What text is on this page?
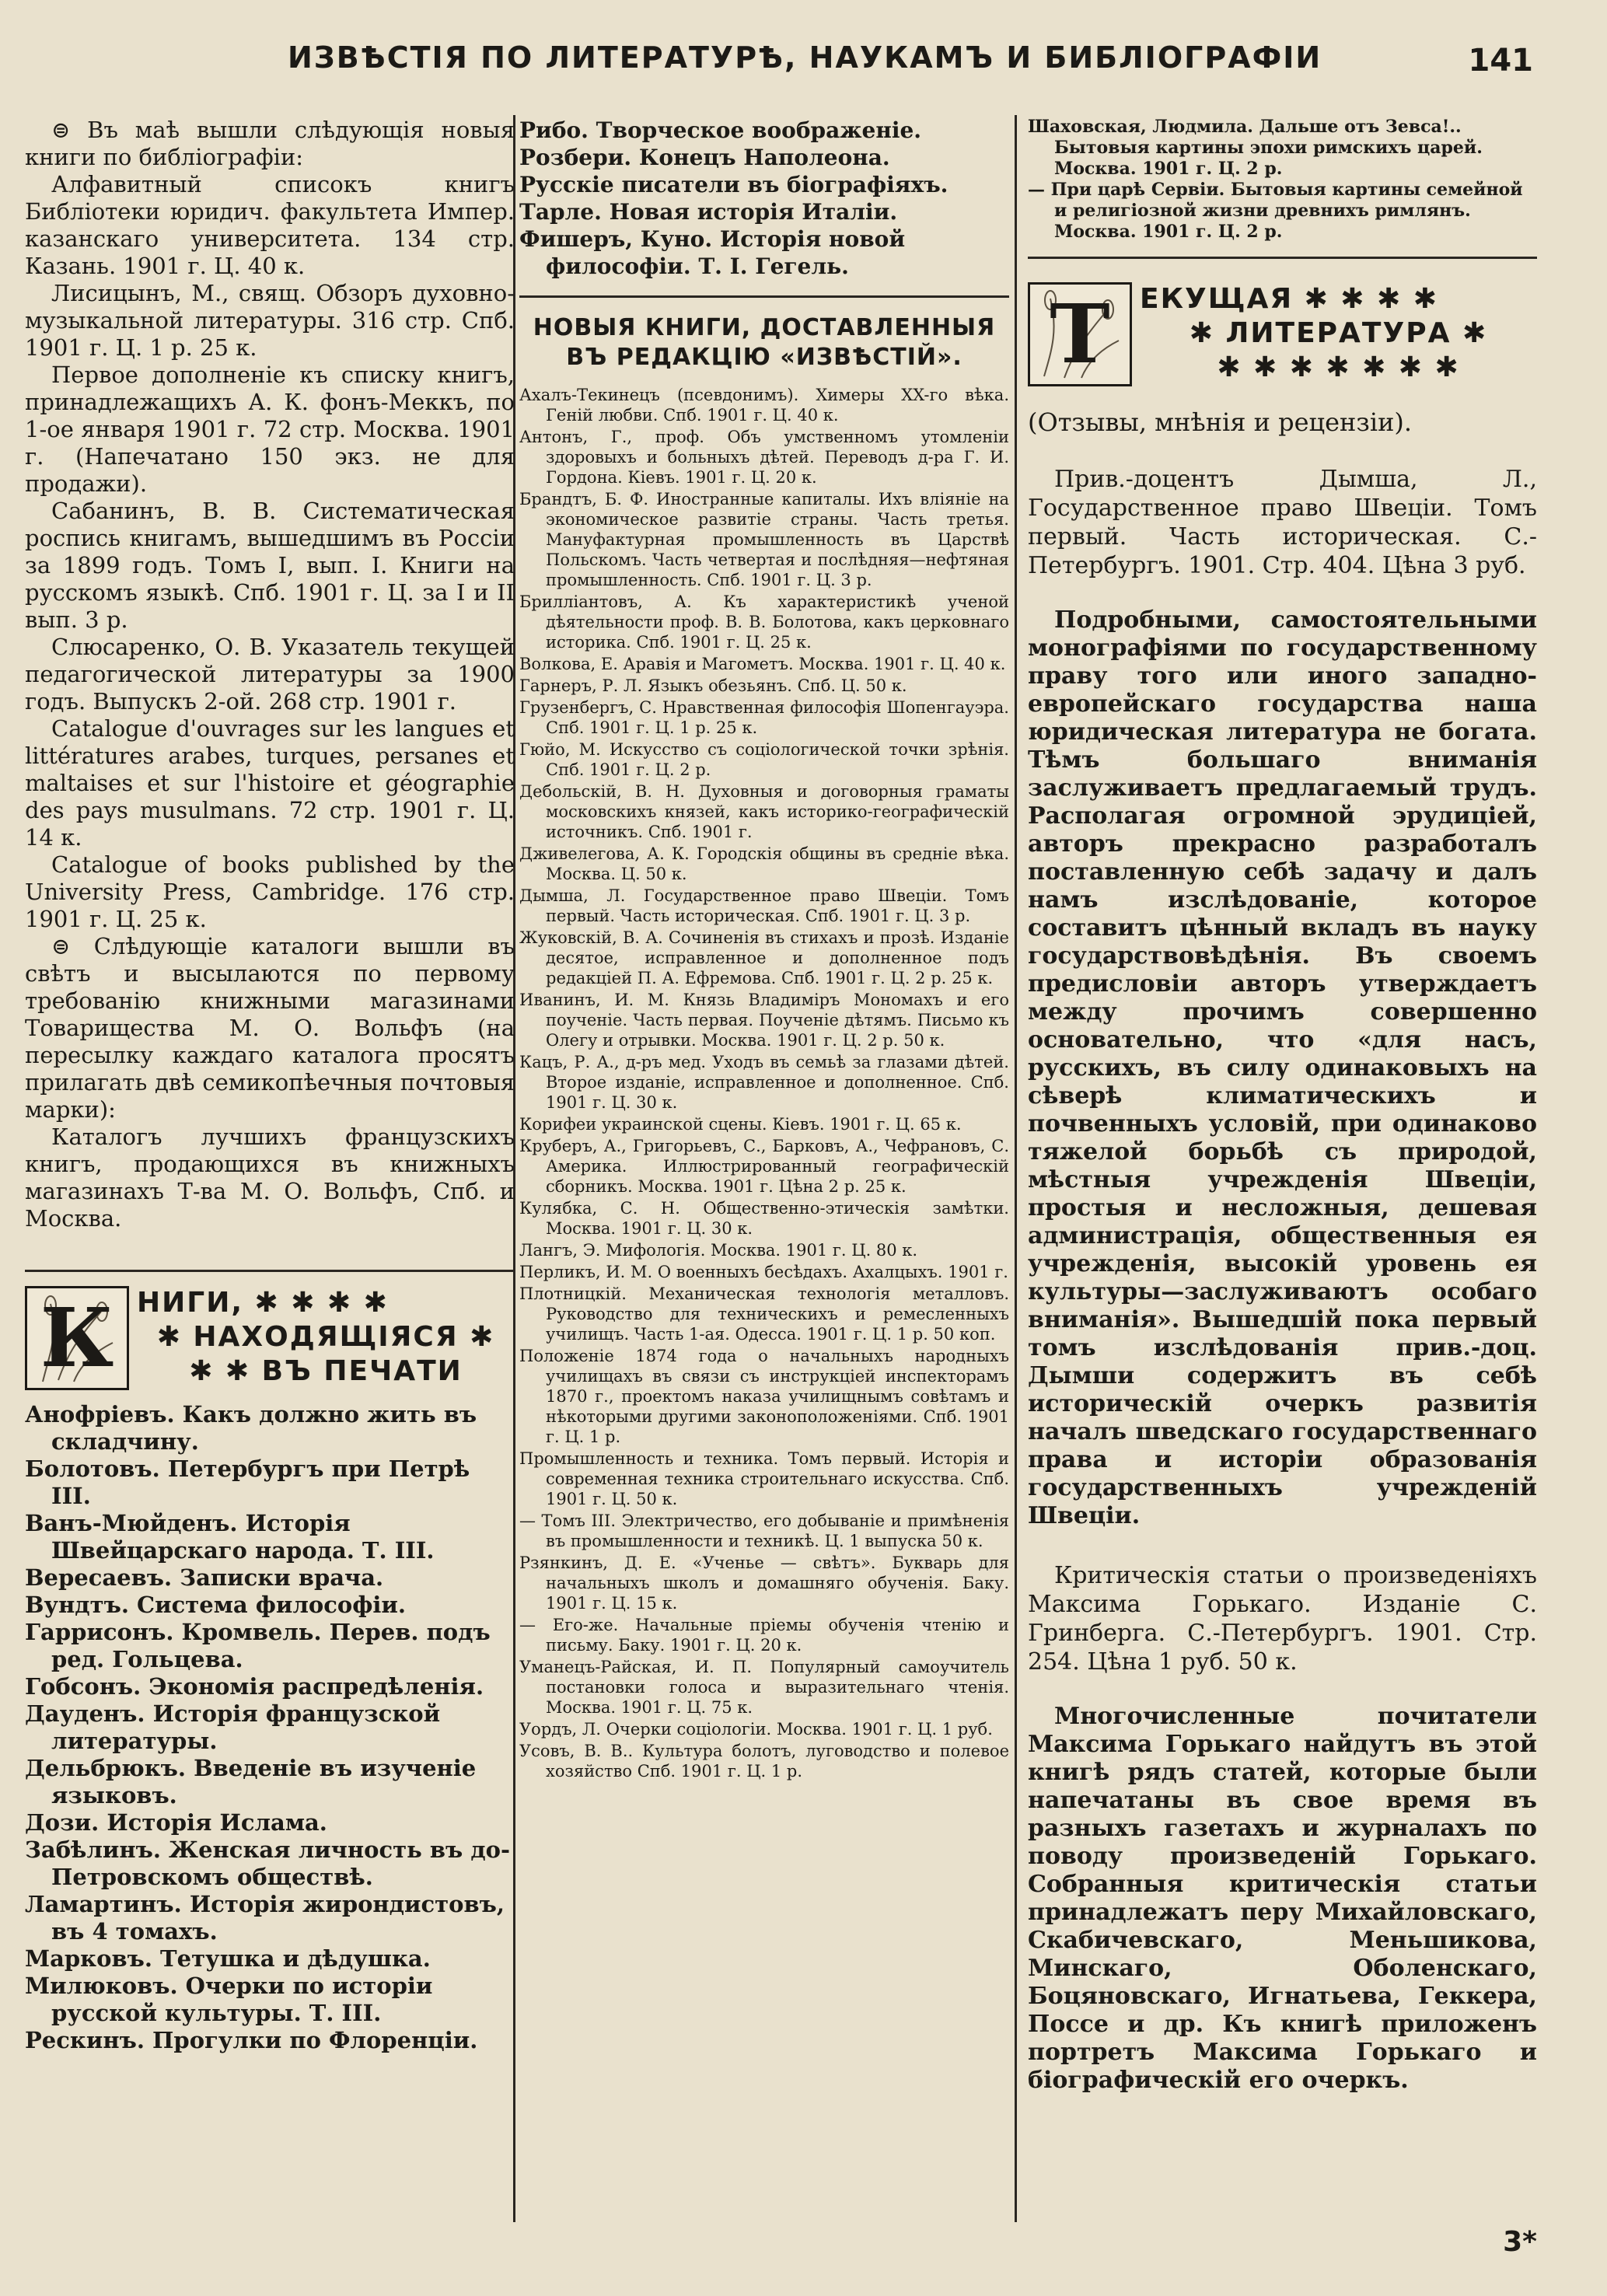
ИЗВѢСТІЯ ПО ЛИТЕРАТУРѢ, НАУКАМЪ И БИБЛІОГРАФІИ	141

⊜ Въ маѣ вышли слѣдующія новыя книги по библіографіи:

Алфавитный списокъ книгъ Библіотеки юридич. факультета Импер. казанскаго университета. 134 стр. Казань. 1901 г. Ц. 40 к.

Лисицынъ, М., свящ. Обзоръ духовно-музыкальной литературы. 316 стр. Спб. 1901 г. Ц. 1 р. 25 к.

Первое дополненіе къ списку книгъ, принадлежащихъ А. К. фонъ-Меккъ, по 1-ое января 1901 г. 72 стр. Москва. 1901 г. (Напечатано 150 экз. не для продажи).

Сабанинъ, В. В. Систематическая роспись книгамъ, вышедшимъ въ Россіи за 1899 годъ. Томъ I, вып. I. Книги на русскомъ языкѣ. Спб. 1901 г. Ц. за I и II вып. 3 р.

Слюсаренко, О. В. Указатель текущей педагогической литературы за 1900 годъ. Выпускъ 2-ой. 268 стр. 1901 г.

Catalogue d'ouvrages sur les langues et littératures arabes, turques, persanes et maltaises et sur l'histoire et géographie des pays musulmans. 72 стр. 1901 г. Ц. 14 к.

Catalogue of books published by the University Press, Cambridge. 176 стр. 1901 г. Ц. 25 к.

⊜ Слѣдующіе каталоги вышли въ свѣтъ и высылаются по первому требованію книжными магазинами Товарищества М. О. Вольфъ (на пересылку каждаго каталога просятъ прилагать двѣ семикопѣечныя почтовыя марки):

Каталогъ лучшихъ французскихъ книгъ, продающихся въ книжныхъ магазинахъ Т-ва М. О. Вольфъ, Спб. и Москва.

К НИГИ, ✱ ✱ ✱ ✱
✱ НАХОДЯЩІЯСЯ ✱
✱ ✱ ВЪ ПЕЧАТИ

Анофріевъ. Какъ должно жить въ складчину.

Болотовъ. Петербургъ при Петрѣ III.

Ванъ-Мюйденъ. Исторія Швейцарскаго народа. Т. III.

Вересаевъ. Записки врача.

Вундтъ. Система философіи.

Гаррисонъ. Кромвель. Перев. подъ ред. Гольцева.

Гобсонъ. Экономія распредѣленія.

Дауденъ. Исторія французской литературы.

Дельбрюкъ. Введеніе въ изученіе языковъ.

Дози. Исторія Ислама.

Забѣлинъ. Женская личность въ до-Петровскомъ обществѣ.

Ламартинъ. Исторія жирондистовъ, въ 4 томахъ.

Марковъ. Тетушка и дѣдушка.

Милюковъ. Очерки по исторіи русской культуры. Т. III.

Рескинъ. Прогулки по Флоренціи.

Рибо. Творческое воображеніе.

Розбери. Конецъ Наполеона.

Русскіе писатели въ біографіяхъ.

Тарле. Новая исторія Италіи.

Фишеръ, Куно. Исторія новой философіи. Т. I. Гегель.

НОВЫЯ КНИГИ, ДОСТАВЛЕННЫЯ

ВЪ РЕДАКЦІЮ «ИЗВѢСТІЙ».

Ахалъ-Текинецъ (псевдонимъ). Химеры XX-го вѣка. Геній любви. Спб. 1901 г. Ц. 40 к.

Антонъ, Г., проф. Объ умственномъ утомленіи здоровыхъ и больныхъ дѣтей. Переводъ д-ра Г. И. Гордона. Кіевъ. 1901 г. Ц. 20 к.

Брандтъ, Б. Ф. Иностранные капиталы. Ихъ вліяніе на экономическое развитіе страны. Часть третья. Мануфактурная промышленность въ Царствѣ Польскомъ. Часть четвертая и послѣдняя—нефтяная промышленность. Спб. 1901 г. Ц. 3 р.

Брилліантовъ, А. Къ характеристикѣ ученой дѣятельности проф. В. В. Болотова, какъ церковнаго историка. Спб. 1901 г. Ц. 25 к.

Волкова, Е. Аравія и Магометъ. Москва. 1901 г. Ц. 40 к.

Гарнеръ, Р. Л. Языкъ обезьянъ. Спб. Ц. 50 к.

Грузенбергъ, С. Нравственная философія Шопенгауэра. Спб. 1901 г. Ц. 1 р. 25 к.

Гюйо, М. Искусство съ соціологической точки зрѣнія. Спб. 1901 г. Ц. 2 р.

Дебольскій, В. Н. Духовныя и договорныя граматы московскихъ князей, какъ историко-географическій источникъ. Спб. 1901 г.

Дживелегова, А. К. Городскія общины въ средніе вѣка. Москва. Ц. 50 к.

Дымша, Л. Государственное право Швеціи. Томъ первый. Часть историческая. Спб. 1901 г. Ц. 3 р.

Жуковскій, В. А. Сочиненія въ стихахъ и прозѣ. Изданіе десятое, исправленное и дополненное подъ редакціей П. А. Ефремова. Спб. 1901 г. Ц. 2 р. 25 к.

Иванинъ, И. М. Князь Владиміръ Мономахъ и его поученіе. Часть первая. Поученіе дѣтямъ. Письмо къ Олегу и отрывки. Москва. 1901 г. Ц. 2 р. 50 к.

Кацъ, Р. А., д-ръ мед. Уходъ въ семьѣ за глазами дѣтей. Второе изданіе, исправленное и дополненное. Спб. 1901 г. Ц. 30 к.

Корифеи украинской сцены. Кіевъ. 1901 г. Ц. 65 к.

Круберъ, А., Григорьевъ, С., Барковъ, А., Чефрановъ, С. Америка. Иллюстрированный географическій сборникъ. Москва. 1901 г. Цѣна 2 р. 25 к.

Кулябка, С. Н. Общественно-этическія замѣтки. Москва. 1901 г. Ц. 30 к.

Лангъ, Э. Мифологія. Москва. 1901 г. Ц. 80 к.

Перликъ, И. М. О военныхъ бесѣдахъ. Ахалцыхъ. 1901 г.

Плотницкій. Механическая технологія металловъ. Руководство для техническихъ и ремесленныхъ училищъ. Часть 1-ая. Одесса. 1901 г. Ц. 1 р. 50 коп.

Положеніе 1874 года о начальныхъ народныхъ училищахъ въ связи съ инструкціей инспекторамъ 1870 г., проектомъ наказа училищнымъ совѣтамъ и нѣкоторыми другими законоположеніями. Спб. 1901 г. Ц. 1 р.

Промышленность и техника. Томъ первый. Исторія и современная техника строительнаго искусства. Спб. 1901 г. Ц. 50 к.

— Томъ III. Электричество, его добываніе и примѣненія въ промышленности и техникѣ. Ц. 1 выпуска 50 к.

Рзянкинъ, Д. Е. «Ученье — свѣтъ». Букварь для начальныхъ школъ и домашняго обученія. Баку. 1901 г. Ц. 15 к.

— Его-же. Начальные пріемы обученія чтенію и письму. Баку. 1901 г. Ц. 20 к.

Уманецъ-Райская, И. П. Популярный самоучитель постановки голоса и выразительнаго чтенія. Москва. 1901 г. Ц. 75 к.

Уордъ, Л. Очерки соціологіи. Москва. 1901 г. Ц. 1 руб.

Усовъ, В. В.. Культура болотъ, луговодство и полевое хозяйство Спб. 1901 г. Ц. 1 р.

Шаховская, Людмила. Дальше отъ Зевса!.. Бытовыя картины эпохи римскихъ царей. Москва. 1901 г. Ц. 2 р.

— При царѣ Сервіи. Бытовыя картины семейной и религіозной жизни древнихъ римлянъ. Москва. 1901 г. Ц. 2 р.

Т	ЕКУЩАЯ ✱ ✱ ✱ ✱
✱ ЛИТЕРАТУРА ✱
✱ ✱ ✱ ✱ ✱ ✱ ✱

(Отзывы, мнѣнія и рецензіи).

Прив.-доцентъ Дымша, Л., Государственное право Швеціи. Томъ первый. Часть историческая. С.-Петербургъ. 1901. Стр. 404. Цѣна 3 руб.

Подробными, самостоятельными монографіями по государственному праву того или иного западно-европейскаго государства наша юридическая литература не богата. Тѣмъ большаго вниманія заслуживаетъ предлагаемый трудъ. Располагая огромной эрудиціей, авторъ прекрасно разработалъ поставленную себѣ задачу и далъ намъ изслѣдованіе, которое составитъ цѣнный вкладъ въ науку государствовѣдѣнія. Въ своемъ предисловіи авторъ утверждаетъ между прочимъ совершенно основательно, что «для насъ, русскихъ, въ силу одинаковыхъ на сѣверѣ климатическихъ и почвенныхъ условій, при одинаково тяжелой борьбѣ съ природой, мѣстныя учрежденія Швеціи, простыя и несложныя, дешевая администрація, общественныя ея учрежденія, высокій уровень ея культуры—заслуживаютъ особаго вниманія». Вышедшій пока первый томъ изслѣдованія прив.-доц. Дымши содержитъ въ себѣ историческій очеркъ развитія началъ шведскаго государственнаго права и исторіи образованія государственныхъ учрежденій Швеціи.

Критическія статьи о произведеніяхъ Максима Горькаго. Изданіе С. Гринберга. С.-Петербургъ. 1901. Стр. 254. Цѣна 1 руб. 50 к.

Многочисленные почитатели Максима Горькаго найдутъ въ этой книгѣ рядъ статей, которые были напечатаны въ свое время въ разныхъ газетахъ и журналахъ по поводу произведеній Горькаго. Собранныя критическія статьи принадлежатъ перу Михайловскаго, Скабичевскаго, Меньшикова, Минскаго, Оболенскаго, Боцяновскаго, Игнатьева, Геккера, Поссе и др. Къ книгѣ приложенъ портретъ Максима Горькаго и біографическій его очеркъ.

3*
